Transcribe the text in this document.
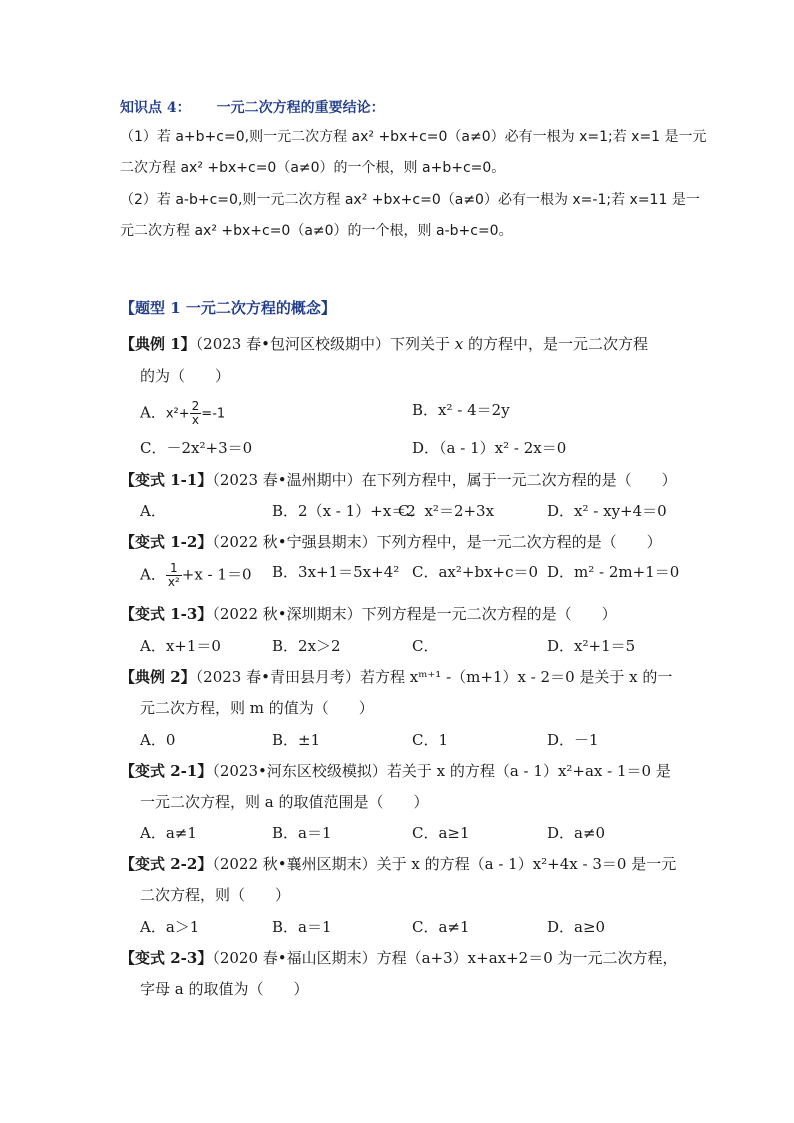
知识点 4： 一元二次方程的重要结论：
（1）若 a+b+c=0,则一元二次方程 ax² +bx+c=0（a≠0）必有一根为 x=1;若 x=1 是一元
二次方程 ax² +bx+c=0（a≠0）的一个根，则 a+b+c=0。
（2）若 a-b+c=0,则一元二次方程 ax² +bx+c=0（a≠0）必有一根为 x=-1;若 x=11 是一
元二次方程 ax² +bx+c=0（a≠0）的一个根，则 a-b+c=0。
【题型 1 一元二次方程的概念】
【典例 1】（2023 春•包河区校级期中）下列关于 x 的方程中，是一元二次方程
的为（　　）
A．$x^2+ \frac{2}{x} =-1$	B．x² - 4＝2y
C．－2x²+3＝0	D．（a - 1）x² - 2x＝0
【变式 1-1】（2023 春•温州期中）在下列方程中，属于一元二次方程的是（　　）
A．	B．2（x - 1）+x＝2
C．x²＝2+3x	D．x² - xy+4＝0
【变式 1-2】（2022 秋•宁强县期末）下列方程中，是一元二次方程的是（　　）
A． $\frac{1}{\text{x²}} +x - 1=0$ B．3x+1＝5x+4² C．ax²+bx+c＝0 D．m² - 2m+1＝0
【变式 1-3】（2022 秋•深圳期末）下列方程是一元二次方程的是（　　）
A．x+1＝0	B．2x＞2	C．	D．x²+1＝5
【典例 2】（2023 春•青田县月考）若方程 xᵐ⁺¹ -（m+1）x - 2＝0 是关于 x 的一
元二次方程，则 m 的值为（　　）
A．0	B．±1	C．1	D．－1
【变式 2-1】（2023•河东区校级模拟）若关于 x 的方程（a - 1）x²+ax - 1＝0 是
一元二次方程，则 a 的取值范围是（　　）
A．a≠1	B．a＝1	C．a≥1	D．a≠0
【变式 2-2】（2022 秋•襄州区期末）关于 x 的方程（a - 1）x²+4x - 3＝0 是一元
二次方程，则（　　）
A．a＞1	B．a＝1	C．a≠1	D．a≥0
【变式 2-3】（2020 春•福山区期末）方程（a+3）x+ax+2＝0 为一元二次方程，
字母 a 的取值为（　　）
